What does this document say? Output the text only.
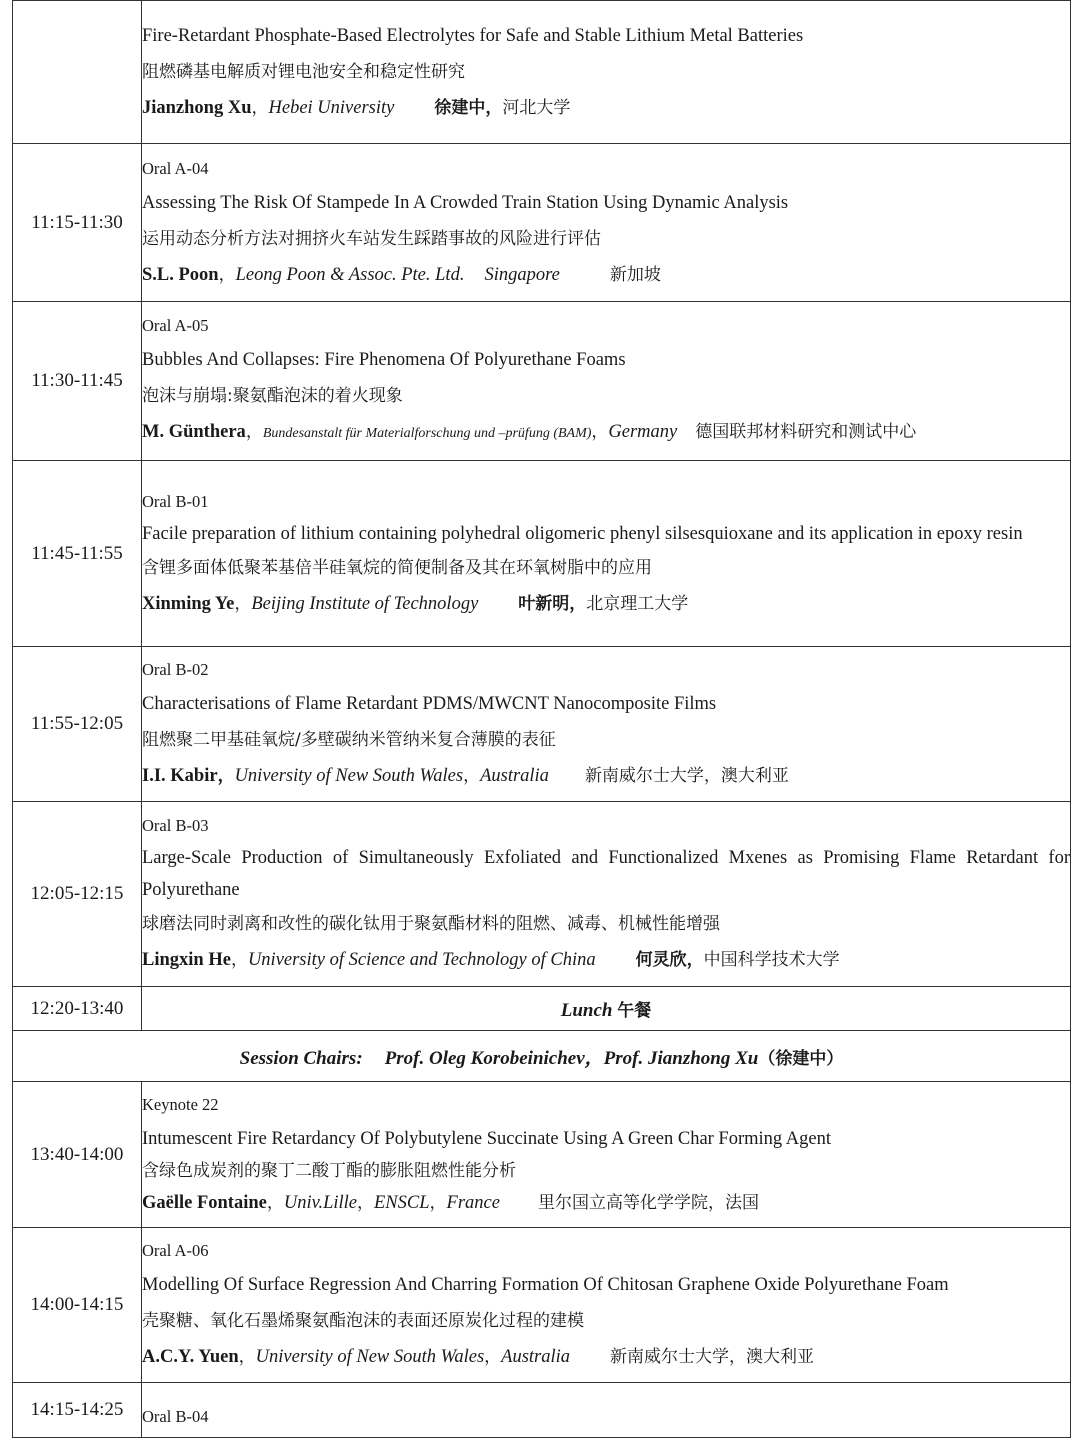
	Fire-Retardant Phosphate-Based Electrolytes for Safe and Stable Lithium Metal Batteries
阻燃磷基电解质对锂电池安全和稳定性研究
Jianzhong Xu，Hebei University 徐建中，河北大学

11:15-11:30	Oral A-04
Assessing The Risk Of Stampede In A Crowded Train Station Using Dynamic Analysis
运用动态分析方法对拥挤火车站发生踩踏事故的风险进行评估
S.L. Poon，Leong Poon & Assoc. Pte. Ltd. Singapore 新加坡

11:30-11:45	Oral A-05
Bubbles And Collapses: Fire Phenomena Of Polyurethane Foams
泡沫与崩塌:聚氨酯泡沫的着火现象
M. Günthera，Bundesanstalt für Materialforschung und –prüfung (BAM)，Germany 德国联邦材料研究和测试中心

11:45-11:55	Oral B-01
Facile preparation of lithium containing polyhedral oligomeric phenyl silsesquioxane and its application in epoxy resin
含锂多面体低聚苯基倍半硅氧烷的简便制备及其在环氧树脂中的应用
Xinming Ye，Beijing Institute of Technology 叶新明，北京理工大学

11:55-12:05	Oral B-02
Characterisations of Flame Retardant PDMS/MWCNT Nanocomposite Films
阻燃聚二甲基硅氧烷/多壁碳纳米管纳米复合薄膜的表征
I.I. Kabir，University of New South Wales，Australia 新南威尔士大学，澳大利亚

12:05-12:15	Oral B-03
Large-Scale Production of Simultaneously Exfoliated and Functionalized Mxenes as Promising Flame Retardant for Polyurethane
球磨法同时剥离和改性的碳化钛用于聚氨酯材料的阻燃、减毒、机械性能增强
Lingxin He，University of Science and Technology of China 何灵欣，中国科学技术大学

12:20-13:40	Lunch 午餐
Session Chairs: Prof. Oleg Korobeinichev，Prof. Jianzhong Xu（徐建中）	
13:40-14:00	Keynote 22
Intumescent Fire Retardancy Of Polybutylene Succinate Using A Green Char Forming Agent
含绿色成炭剂的聚丁二酸丁酯的膨胀阻燃性能分析
Gaëlle Fontaine，Univ.Lille，ENSCL，France 里尔国立高等化学学院，法国

14:00-14:15	Oral A-06
Modelling Of Surface Regression And Charring Formation Of Chitosan Graphene Oxide Polyurethane Foam
壳聚糖、氧化石墨烯聚氨酯泡沫的表面还原炭化过程的建模
A.C.Y. Yuen，University of New South Wales，Australia 新南威尔士大学，澳大利亚

14:15-14:25	Oral B-04
